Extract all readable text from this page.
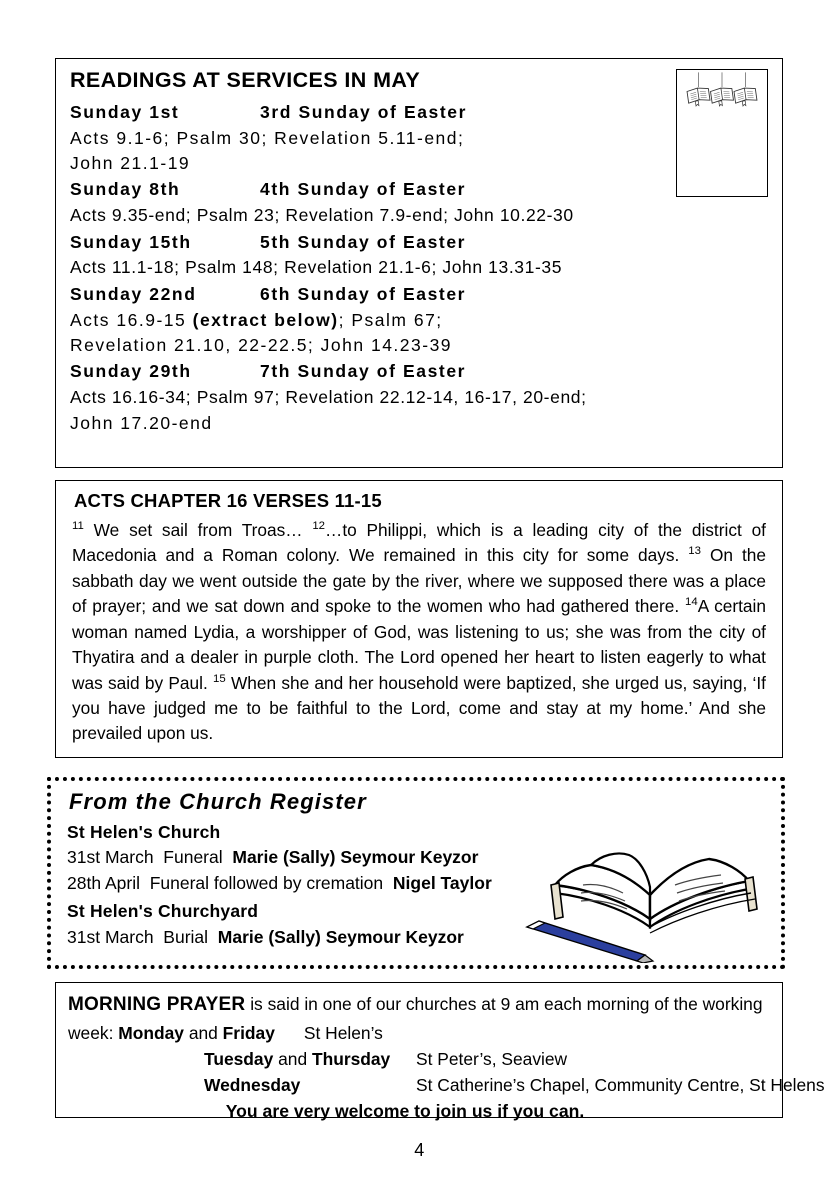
READINGS AT SERVICES IN MAY
Sunday 1st	3rd Sunday of Easter
Acts 9.1-6; Psalm 30; Revelation 5.11-end;
John 21.1-19
Sunday 8th	4th Sunday of Easter
Acts 9.35-end; Psalm 23; Revelation 7.9-end; John 10.22-30
Sunday 15th	5th Sunday of Easter
Acts 11.1-18; Psalm 148; Revelation 21.1-6; John 13.31-35
Sunday 22nd	6th Sunday of Easter
Acts 16.9-15 (extract below); Psalm 67;
Revelation 21.10, 22-22.5; John 14.23-39
Sunday 29th	7th Sunday of Easter
Acts 16.16-34; Psalm 97; Revelation 22.12-14, 16-17, 20-end;
John 17.20-end
ACTS CHAPTER 16 VERSES 11-15

$^{11}$ We set sail from Troas… $^{12}$…to Philippi, which is a leading city of the district of Macedonia and a Roman colony. We remained in this city for some days. $^{13}$ On the sabbath day we went outside the gate by the river, where we supposed there was a place of prayer; and we sat down and spoke to the women who had gathered there. $^{14}$A certain woman named Lydia, a worshipper of God, was listening to us; she was from the city of Thyatira and a dealer in purple cloth. The Lord opened her heart to listen eagerly to what was said by Paul. $^{15}$ When she and her household were baptized, she urged us, saying, ‘If you have judged me to be faithful to the Lord, come and stay at my home.’ And she prevailed upon us.

From the Church Register
St Helen's Church
31st March Funeral Marie (Sally) Seymour Keyzor
28th April Funeral followed by cremation Nigel Taylor
St Helen's Churchyard
31st March Burial Marie (Sally) Seymour Keyzor

MORNING PRAYER is said in one of our churches at 9 am each morning of the working week: Monday and Friday St Helen’s

Tuesday and Thursday St Peter’s, Seaview
Wednesday	St Catherine’s Chapel, Community Centre, St Helens
You are very welcome to join us if you can.
4
